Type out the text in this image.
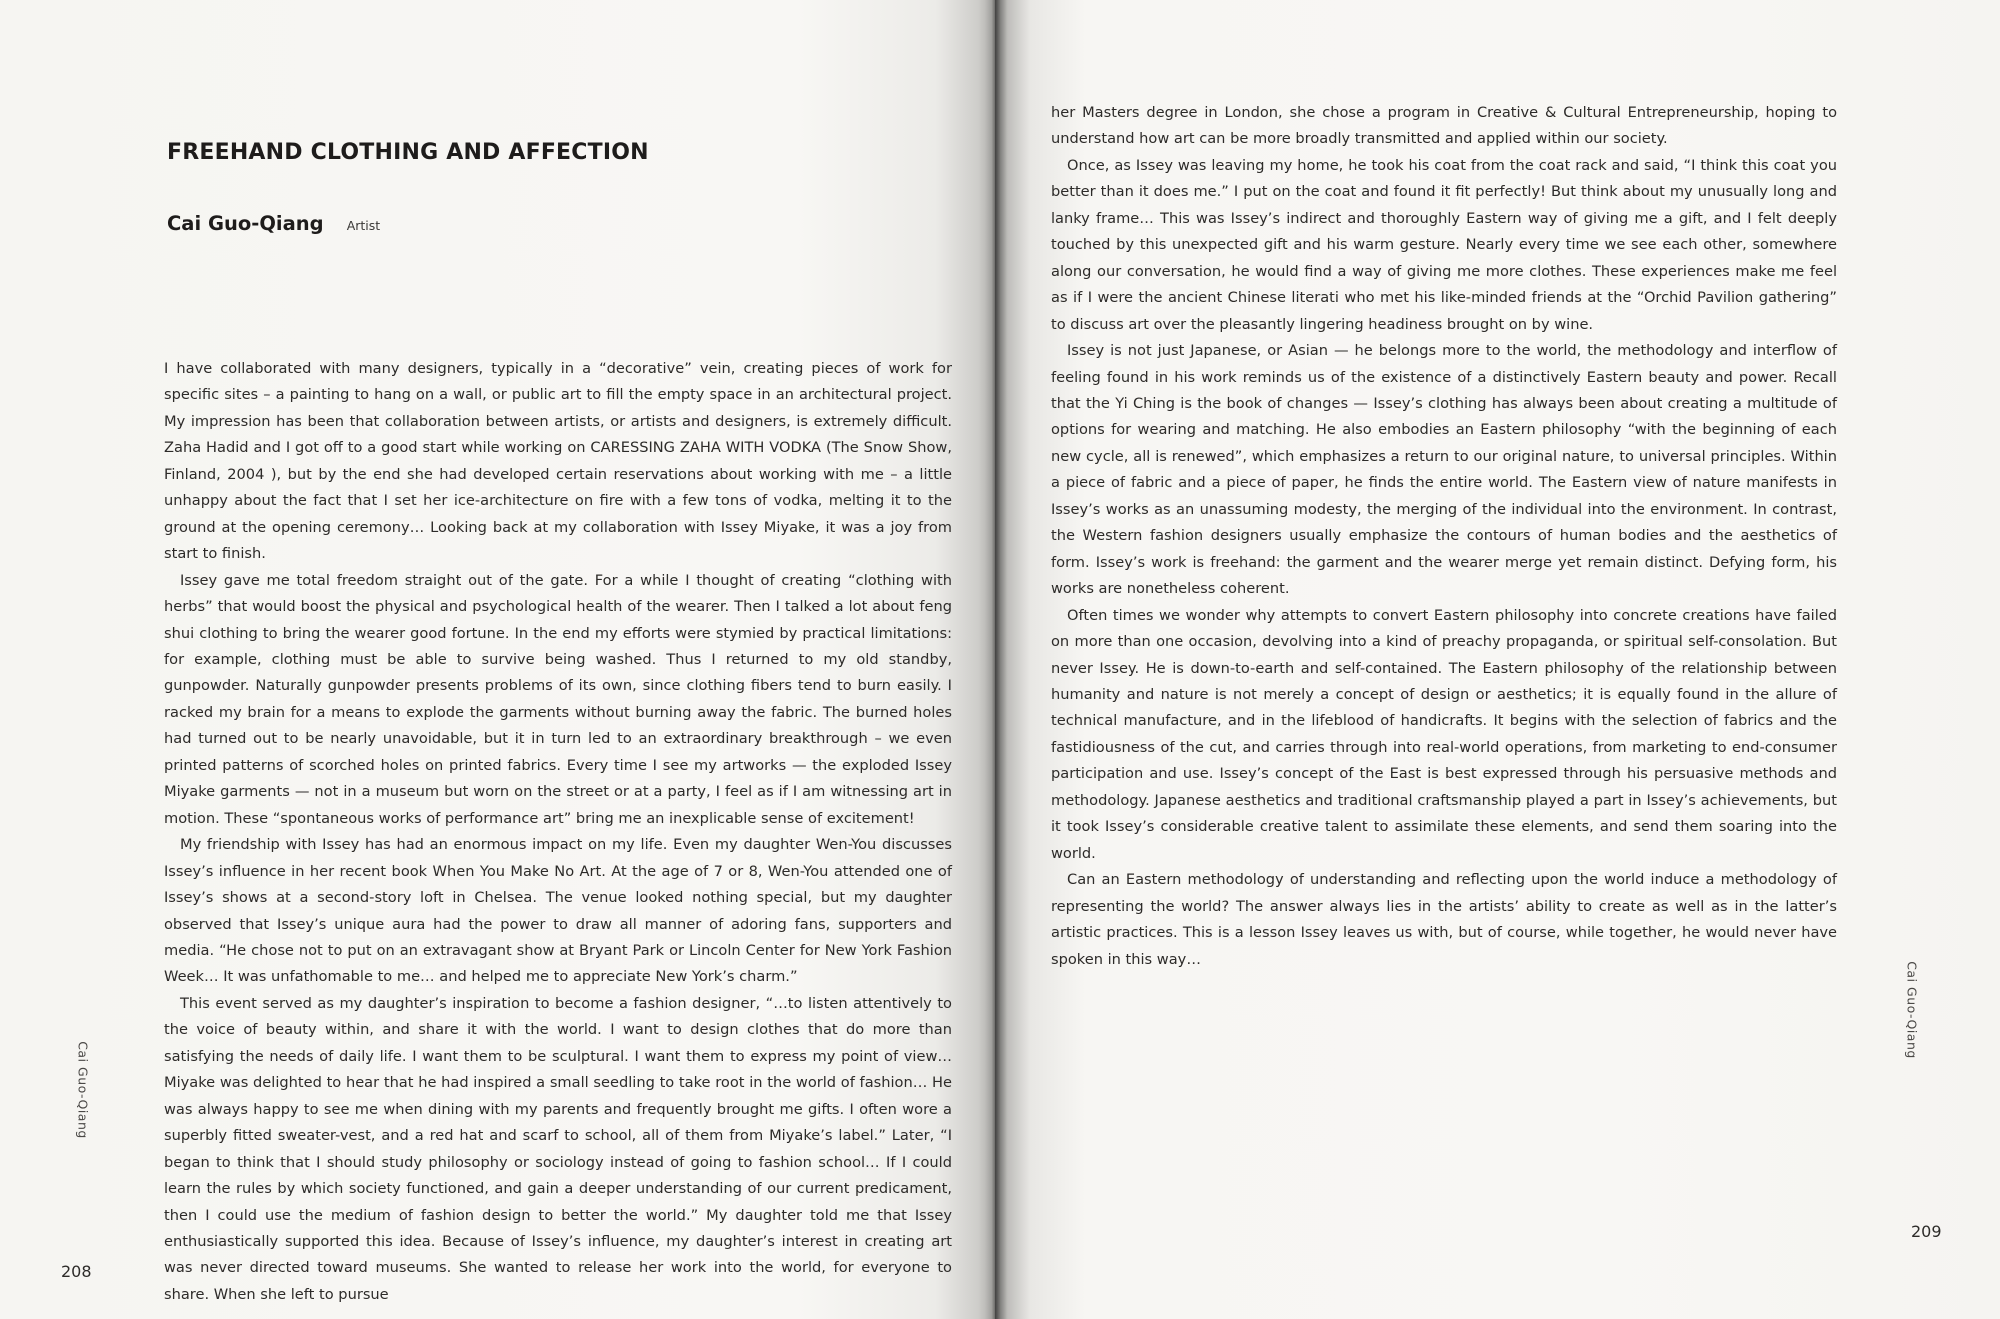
FREEHAND CLOTHING AND AFFECTION
Cai Guo-Qiang Artist

I have collaborated with many designers, typically in a “decorative” vein, creating pieces of work for specific sites – a painting to hang on a wall, or public art to fill the empty space in an architectural project. My impression has been that collaboration between artists, or artists and designers, is extremely difficult. Zaha Hadid and I got off to a good start while working on CARESSING ZAHA WITH VODKA (The Snow Show, Finland, 2004 ), but by the end she had developed certain reservations about working with me – a little unhappy about the fact that I set her ice-architecture on fire with a few tons of vodka, melting it to the ground at the opening ceremony… Looking back at my collaboration with Issey Miyake, it was a joy from start to finish.

Issey gave me total freedom straight out of the gate. For a while I thought of creating “clothing with herbs” that would boost the physical and psychological health of the wearer. Then I talked a lot about feng shui clothing to bring the wearer good fortune. In the end my efforts were stymied by practical limitations: for example, clothing must be able to survive being washed. Thus I returned to my old standby, gunpowder. Naturally gunpowder presents problems of its own, since clothing fibers tend to burn easily. I racked my brain for a means to explode the garments without burning away the fabric. The burned holes had turned out to be nearly unavoidable, but it in turn led to an extraordinary breakthrough – we even printed patterns of scorched holes on printed fabrics. Every time I see my artworks — the exploded Issey Miyake garments — not in a museum but worn on the street or at a party, I feel as if I am witnessing art in motion. These “spontaneous works of performance art” bring me an inexplicable sense of excitement!

My friendship with Issey has had an enormous impact on my life. Even my daughter Wen-You discusses Issey’s influence in her recent book When You Make No Art. At the age of 7 or 8, Wen-You attended one of Issey’s shows at a second-story loft in Chelsea. The venue looked nothing special, but my daughter observed that Issey’s unique aura had the power to draw all manner of adoring fans, supporters and media. “He chose not to put on an extravagant show at Bryant Park or Lincoln Center for New York Fashion Week… It was unfathomable to me… and helped me to appreciate New York’s charm.”

This event served as my daughter’s inspiration to become a fashion designer, “…to listen attentively to the voice of beauty within, and share it with the world. I want to design clothes that do more than satisfying the needs of daily life. I want them to be sculptural. I want them to express my point of view… Miyake was delighted to hear that he had inspired a small seedling to take root in the world of fashion… He was always happy to see me when dining with my parents and frequently brought me gifts. I often wore a superbly fitted sweater-vest, and a red hat and scarf to school, all of them from Miyake’s label.” Later, “I began to think that I should study philosophy or sociology instead of going to fashion school… If I could learn the rules by which society functioned, and gain a deeper understanding of our current predicament, then I could use the medium of fashion design to better the world.” My daughter told me that Issey enthusiastically supported this idea. Because of Issey’s influence, my daughter’s interest in creating art was never directed toward museums. She wanted to release her work into the world, for everyone to share. When she left to pursue

Cai Guo-Qiang
208

her Masters degree in London, she chose a program in Creative & Cultural Entrepreneurship, hoping to understand how art can be more broadly transmitted and applied within our society.

Once, as Issey was leaving my home, he took his coat from the coat rack and said, “I think this coat you better than it does me.” I put on the coat and found it fit perfectly! But think about my unusually long and lanky frame… This was Issey’s indirect and thoroughly Eastern way of giving me a gift, and I felt deeply touched by this unexpected gift and his warm gesture. Nearly every time we see each other, somewhere along our conversation, he would find a way of giving me more clothes. These experiences make me feel as if I were the ancient Chinese literati who met his like-minded friends at the “Orchid Pavilion gathering” to discuss art over the pleasantly lingering headiness brought on by wine.

Issey is not just Japanese, or Asian — he belongs more to the world, the methodology and interflow of feeling found in his work reminds us of the existence of a distinctively Eastern beauty and power. Recall that the Yi Ching is the book of changes — Issey’s clothing has always been about creating a multitude of options for wearing and matching. He also embodies an Eastern philosophy “with the beginning of each new cycle, all is renewed”, which emphasizes a return to our original nature, to universal principles. Within a piece of fabric and a piece of paper, he finds the entire world. The Eastern view of nature manifests in Issey’s works as an unassuming modesty, the merging of the individual into the environment. In contrast, the Western fashion designers usually emphasize the contours of human bodies and the aesthetics of form. Issey’s work is freehand: the garment and the wearer merge yet remain distinct. Defying form, his works are nonetheless coherent.

Often times we wonder why attempts to convert Eastern philosophy into concrete creations have failed on more than one occasion, devolving into a kind of preachy propaganda, or spiritual self-consolation. But never Issey. He is down-to-earth and self-contained. The Eastern philosophy of the relationship between humanity and nature is not merely a concept of design or aesthetics; it is equally found in the allure of technical manufacture, and in the lifeblood of handicrafts. It begins with the selection of fabrics and the fastidiousness of the cut, and carries through into real-world operations, from marketing to end-consumer participation and use. Issey’s concept of the East is best expressed through his persuasive methods and methodology. Japanese aesthetics and traditional craftsmanship played a part in Issey’s achievements, but it took Issey’s considerable creative talent to assimilate these elements, and send them soaring into the world.

Can an Eastern methodology of understanding and reflecting upon the world induce a methodology of representing the world? The answer always lies in the artists’ ability to create as well as in the latter’s artistic practices. This is a lesson Issey leaves us with, but of course, while together, he would never have spoken in this way…

Cai Guo-Qiang
209
